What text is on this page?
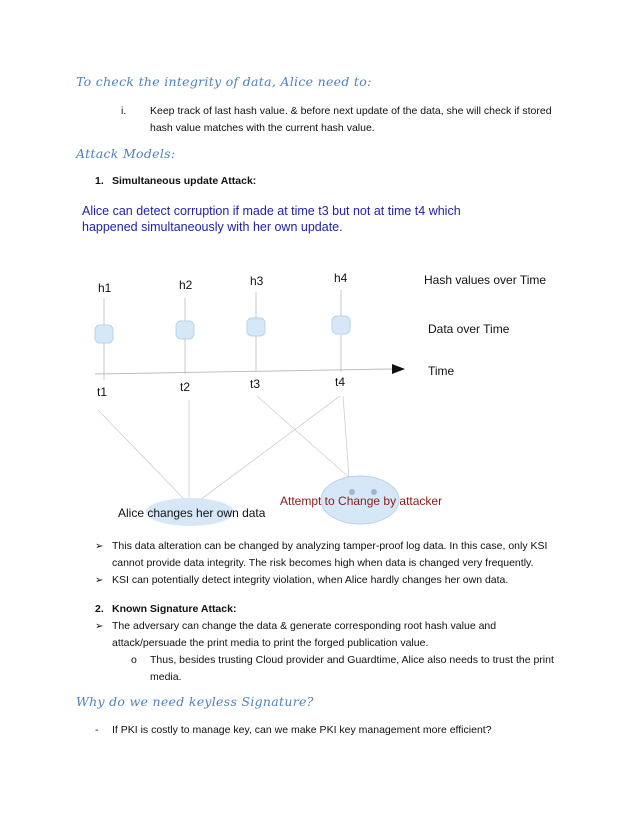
To check the integrity of data, Alice need to:
i. Keep track of last hash value. & before next update of the data, she will check if stored
hash value matches with the current hash value.
Attack Models:
1. Simultaneous update Attack:
Alice can detect corruption if made at time t3 but not at time t4 which
happened simultaneously with her own update.
h1	h2	h3	h4
t1	t2	t3	t4
Hash values over Time
Data over Time
Time
Alice changes her own data
Attempt to Change by attacker
➢ This data alteration can be changed by analyzing tamper-proof log data. In this case, only KSI
cannot provide data integrity. The risk becomes high when data is changed very frequently.
➢ KSI can potentially detect integrity violation, when Alice hardly changes her own data.
2. Known Signature Attack:
➢ The adversary can change the data & generate corresponding root hash value and
attack/persuade the print media to print the forged publication value.
o Thus, besides trusting Cloud provider and Guardtime, Alice also needs to trust the print
media.
Why do we need keyless Signature?
- If PKI is costly to manage key, can we make PKI key management more efficient?
